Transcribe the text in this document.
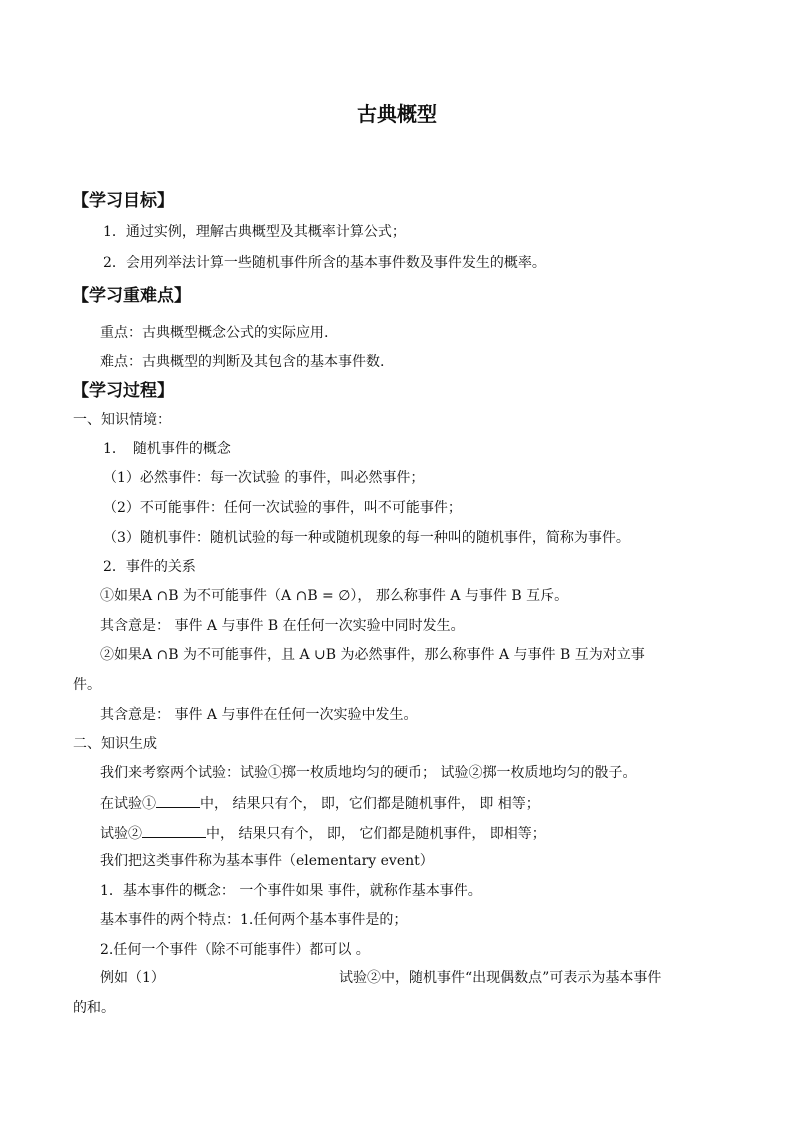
古典概型
【学习目标】
1．通过实例，理解古典概型及其概率计算公式；
2．会用列举法计算一些随机事件所含的基本事件数及事件发生的概率。
【学习重难点】
重点：古典概型概念公式的实际应用.
难点：古典概型的判断及其包含的基本事件数.
【学习过程】
一、知识情境：
1．　随机事件的概念
（1）必然事件：每一次试验 的事件，叫必然事件；
（2）不可能事件：任何一次试验的事件，叫不可能事件；
（3）随机事件：随机试验的每一种或随机现象的每一种叫的随机事件，简称为事件。
2．事件的关系
①如果A ∩B 为不可能事件（A ∩B = ∅）， 那么称事件 A 与事件 B 互斥。
其含意是： 事件 A 与事件 B 在任何一次实验中同时发生。
②如果A ∩B 为不可能事件，且 A ∪B 为必然事件，那么称事件 A 与事件 B 互为对立事
件。
其含意是： 事件 A 与事件在任何一次实验中发生。
二、知识生成
我们来考察两个试验：试验①掷一枚质地均匀的硬币； 试验②掷一枚质地均匀的骰子。
在试验①	中， 结果只有个， 即，它们都是随机事件， 即 相等；
试验②	中， 结果只有个， 即， 它们都是随机事件， 即相等；
我们把这类事件称为基本事件（elementary event）
1．基本事件的概念： 一个事件如果 事件，就称作基本事件。
基本事件的两个特点：1.任何两个基本事件是的；
2.任何一个事件（除不可能事件）都可以 。
例如（1）	试验②中，随机事件“出现偶数点”可表示为基本事件
的和。
